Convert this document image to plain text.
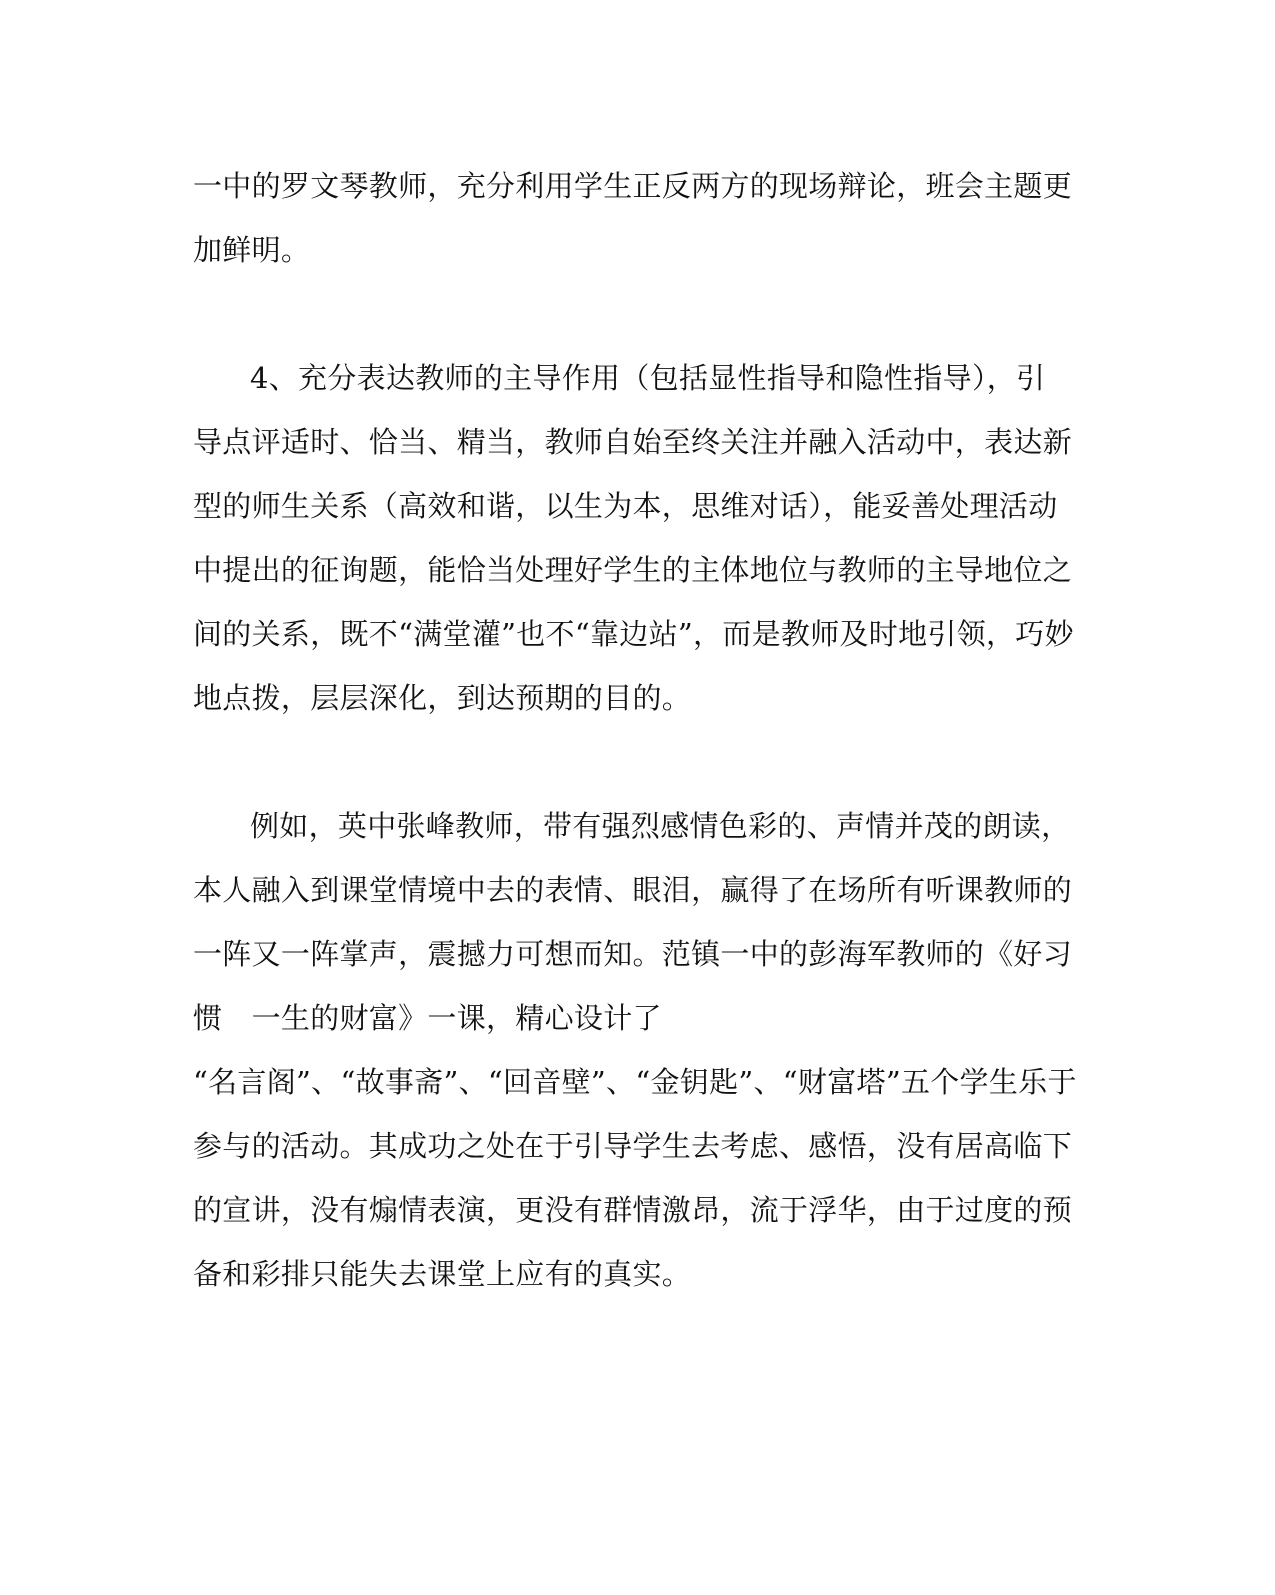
一中的罗文琴教师，充分利用学生正反两方的现场辩论，班会主题更
加鲜明。
4、充分表达教师的主导作用（包括显性指导和隐性指导），引
导点评适时、恰当、精当，教师自始至终关注并融入活动中，表达新
型的师生关系（高效和谐，以生为本，思维对话），能妥善处理活动
中提出的征询题，能恰当处理好学生的主体地位与教师的主导地位之
间的关系，既不“满堂灌”也不“靠边站”，而是教师及时地引领，巧妙
地点拨，层层深化，到达预期的目的。
例如，英中张峰教师，带有强烈感情色彩的、声情并茂的朗读，
本人融入到课堂情境中去的表情、眼泪，赢得了在场所有听课教师的
一阵又一阵掌声，震撼力可想而知。范镇一中的彭海军教师的《好习
惯　一生的财富》一课，精心设计了
“名言阁”、“故事斋”、“回音壁”、“金钥匙”、“财富塔”五个学生乐于
参与的活动。其成功之处在于引导学生去考虑、感悟，没有居高临下
的宣讲，没有煽情表演，更没有群情激昂，流于浮华，由于过度的预
备和彩排只能失去课堂上应有的真实。
